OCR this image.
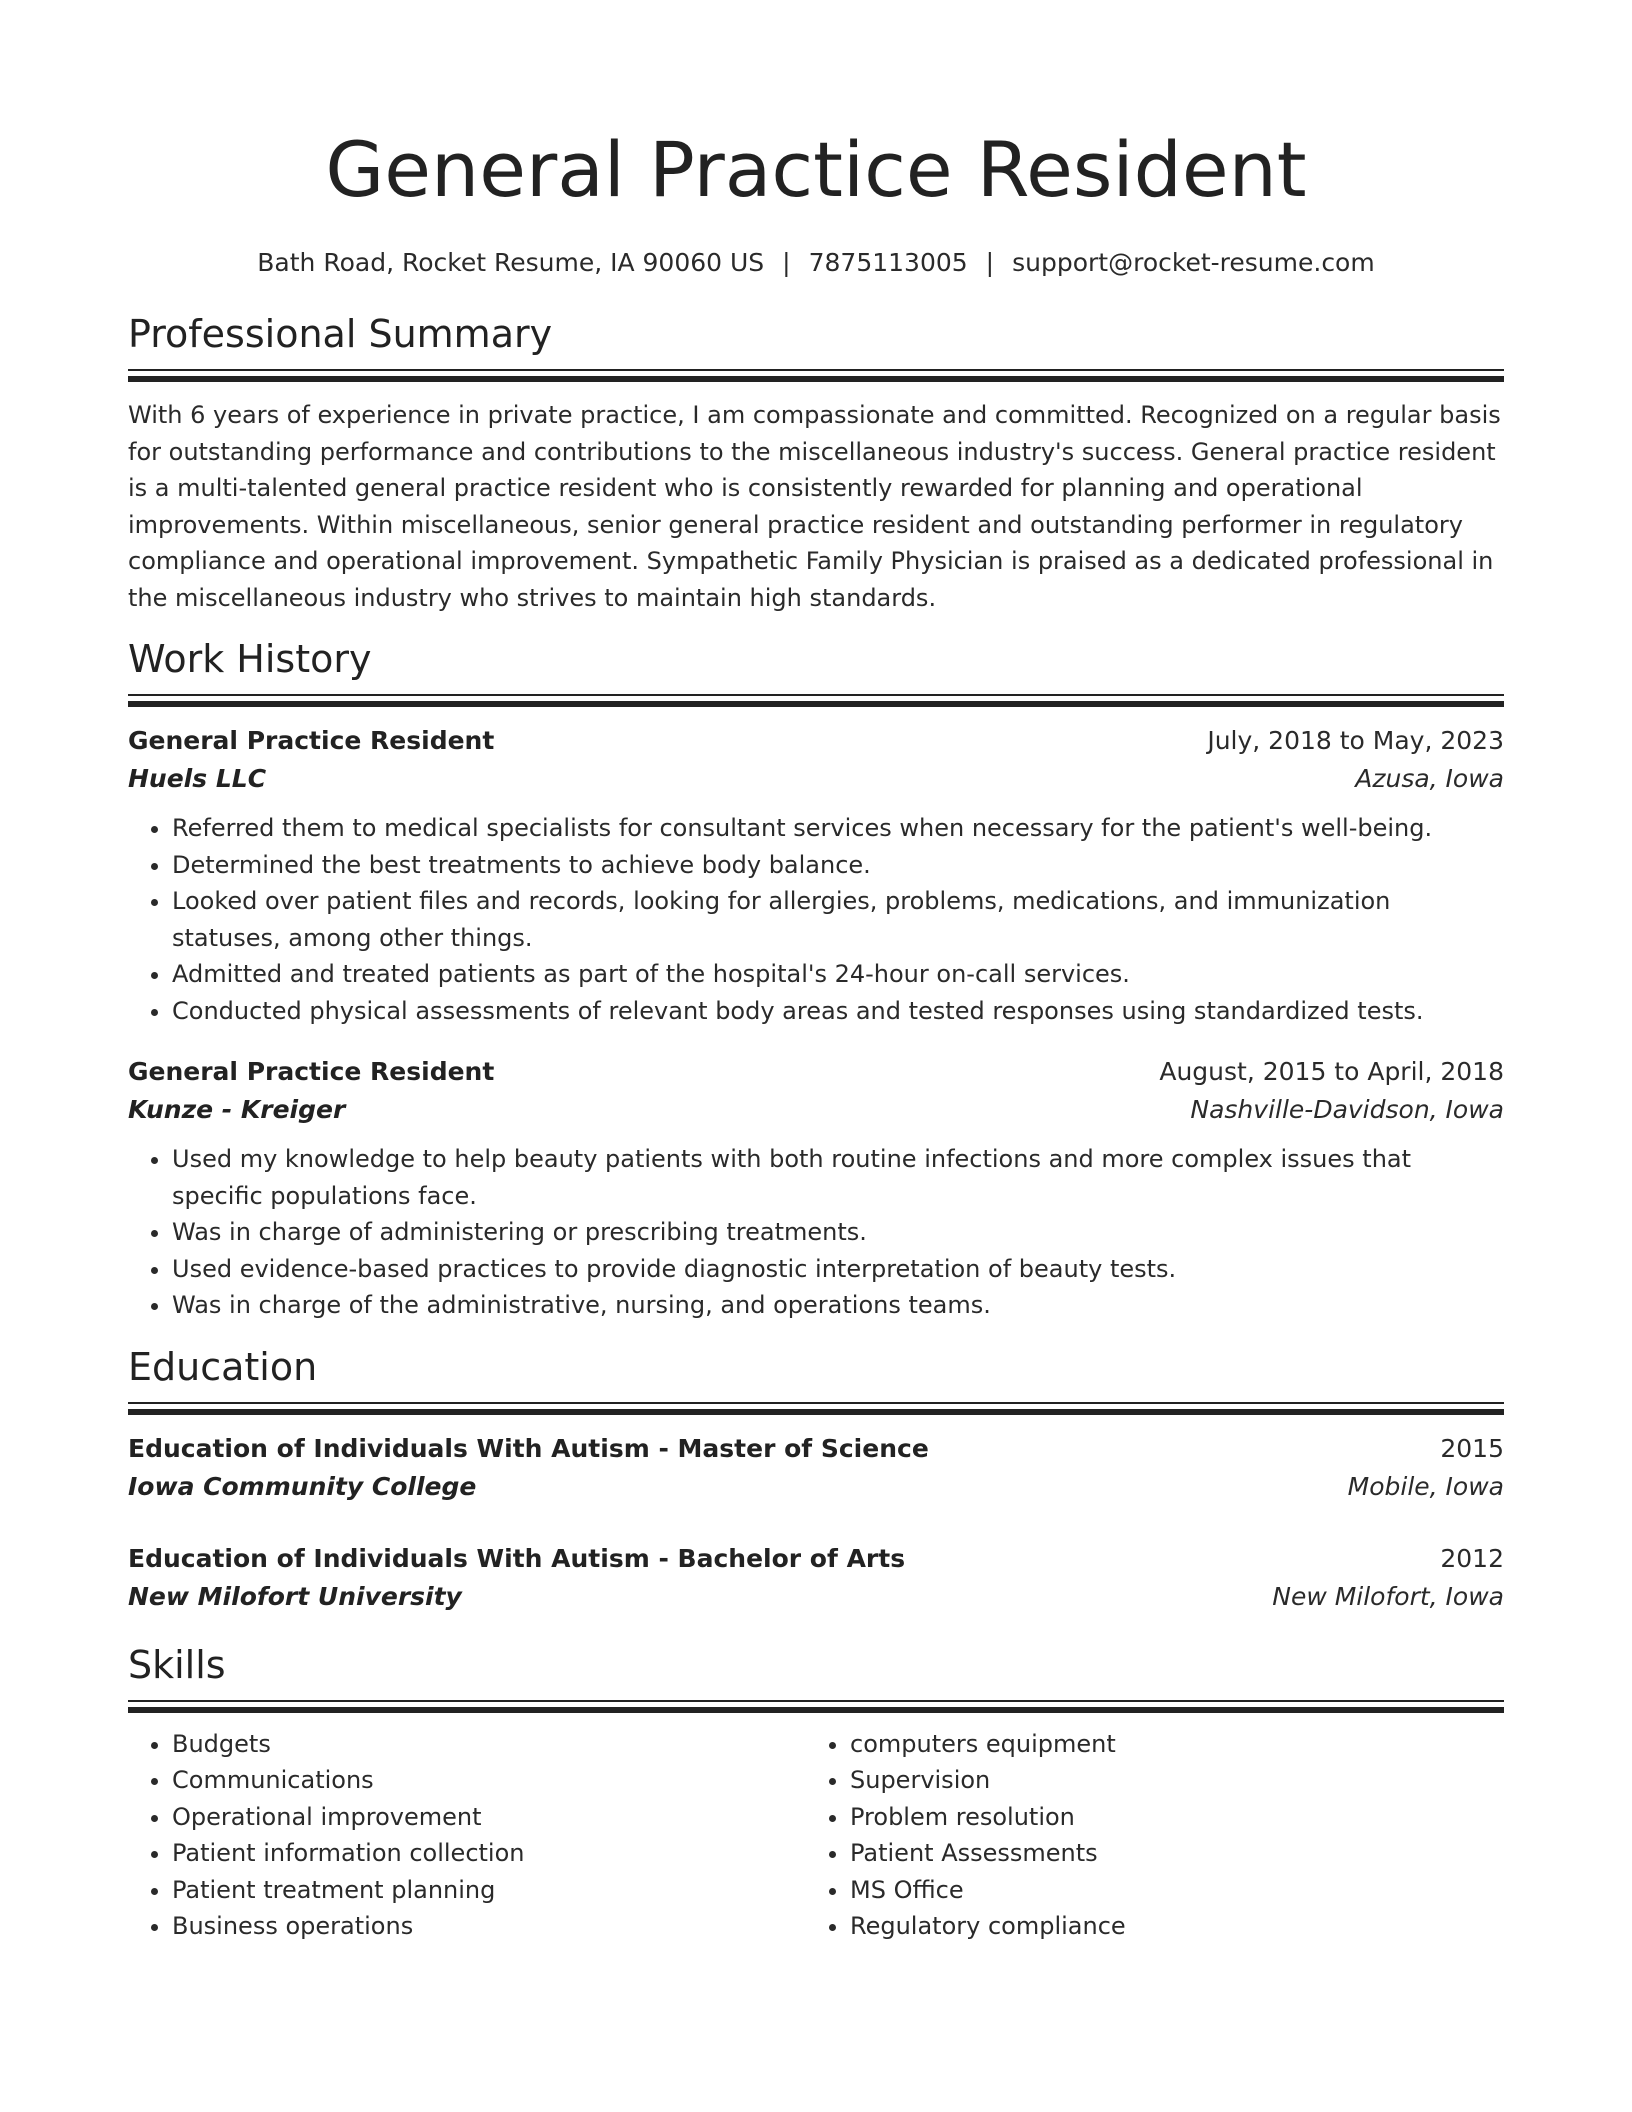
General Practice Resident
Bath Road, Rocket Resume, IA 90060 US | 7875113005 | support@rocket-resume.com
Professional Summary
With 6 years of experience in private practice, I am compassionate and committed. Recognized on a regular basis for outstanding performance and contributions to the miscellaneous industry's success. General practice resident is a multi-talented general practice resident who is consistently rewarded for planning and operational improvements. Within miscellaneous, senior general practice resident and outstanding performer in regulatory compliance and operational improvement. Sympathetic Family Physician is praised as a dedicated professional in the miscellaneous industry who strives to maintain high standards.
Work History
General Practice Resident	July, 2018 to May, 2023
Huels LLC	Azusa, Iowa
• Referred them to medical specialists for consultant services when necessary for the patient's well-being.
• Determined the best treatments to achieve body balance.
• Looked over patient files and records, looking for allergies, problems, medications, and immunization statuses, among other things.
• Admitted and treated patients as part of the hospital's 24-hour on-call services.
• Conducted physical assessments of relevant body areas and tested responses using standardized tests.
General Practice Resident	August, 2015 to April, 2018
Kunze - Kreiger	Nashville-Davidson, Iowa
• Used my knowledge to help beauty patients with both routine infections and more complex issues that specific populations face.
• Was in charge of administering or prescribing treatments.
• Used evidence-based practices to provide diagnostic interpretation of beauty tests.
• Was in charge of the administrative, nursing, and operations teams.
Education
Education of Individuals With Autism - Master of Science	2015
Iowa Community College	Mobile, Iowa
Education of Individuals With Autism - Bachelor of Arts	2012
New Milofort University	New Milofort, Iowa
Skills
• Budgets
• Communications
• Operational improvement
• Patient information collection
• Patient treatment planning
• Business operations
• computers equipment
• Supervision
• Problem resolution
• Patient Assessments
• MS Office
• Regulatory compliance
